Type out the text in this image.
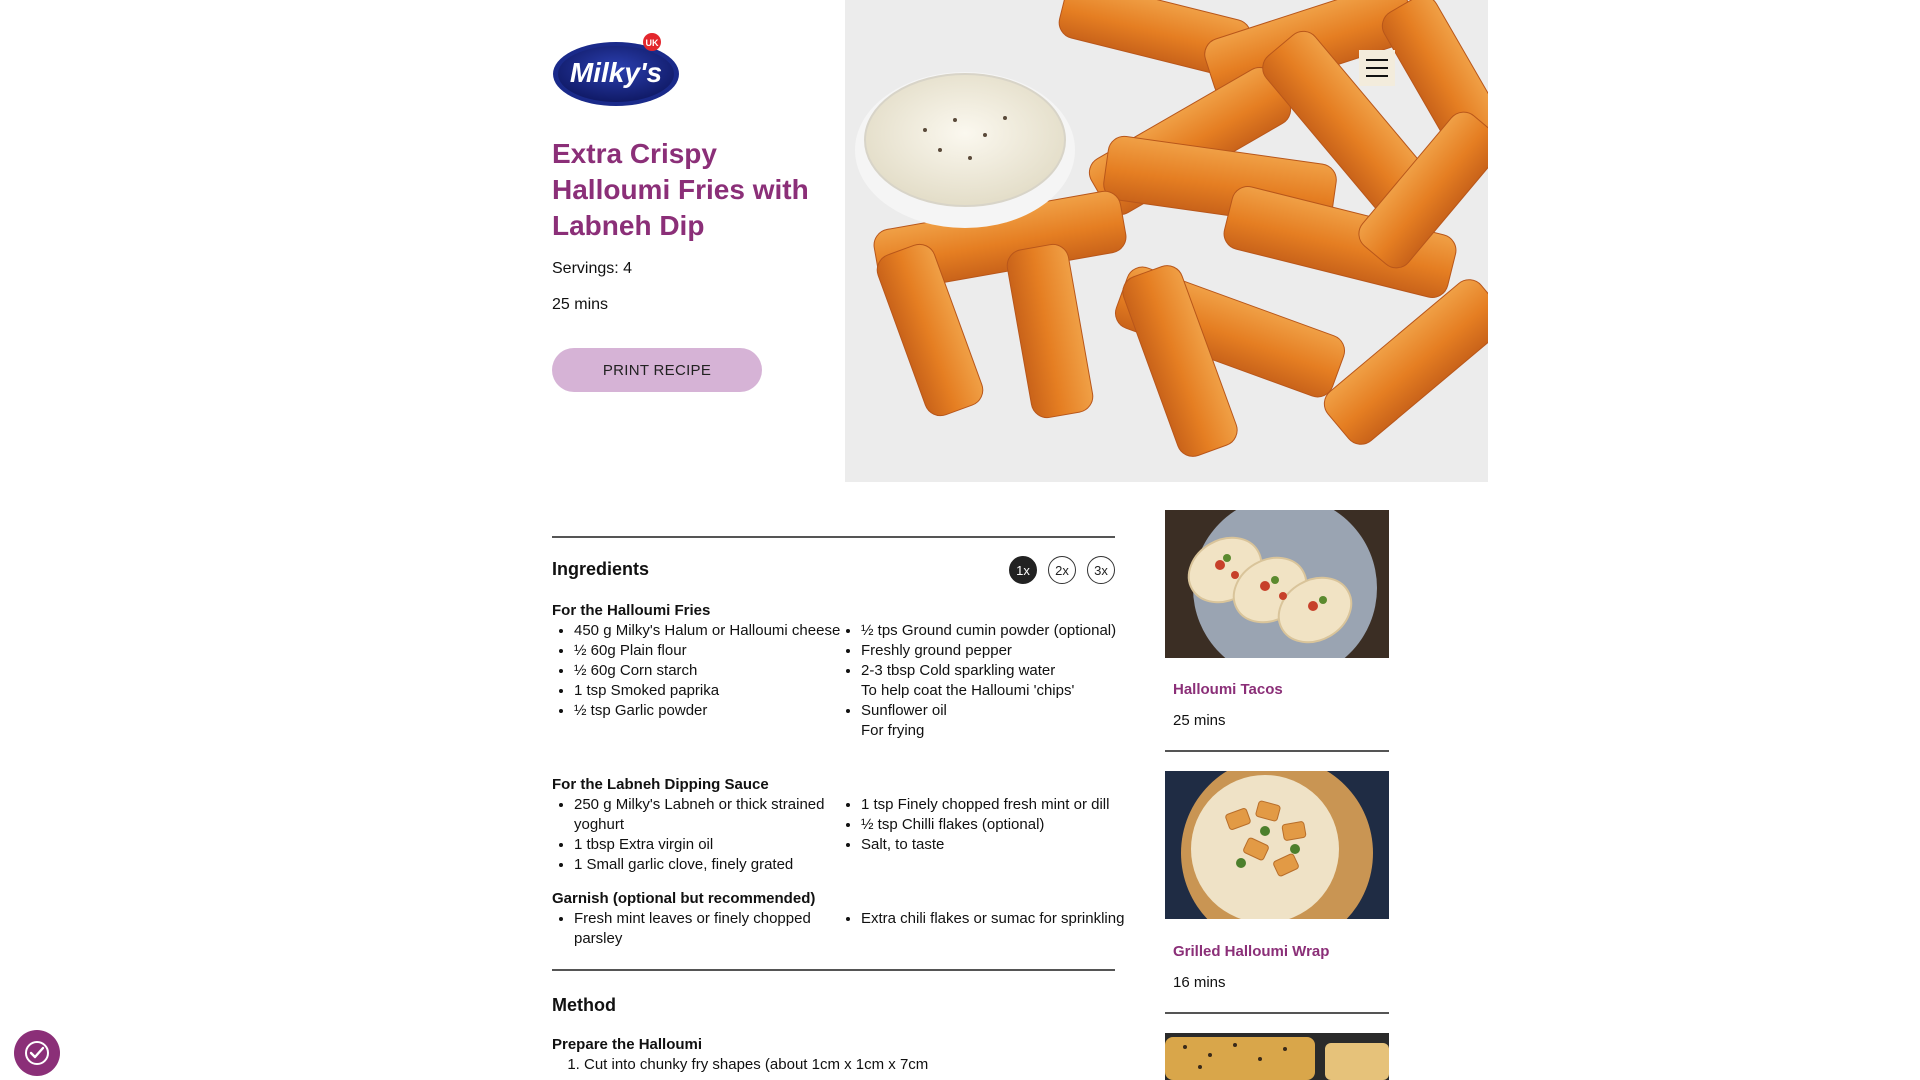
Milky's
UK
Extra Crispy Halloumi Fries with Labneh Dip
Servings: 4
25 mins
PRINT RECIPE
Ingredients	1x	2x	3x
For the Halloumi Fries
• 450 g Milky's Halum or Halloumi cheese
• ½ 60g Plain flour
• ½ 60g Corn starch
• 1 tsp Smoked paprika
• ½ tsp Garlic powder
• ½ tps Ground cumin powder (optional)
• Freshly ground pepper
• 2-3 tbsp Cold sparkling water
To help coat the Halloumi 'chips'
• Sunflower oil
For frying
For the Labneh Dipping Sauce
• 250 g Milky's Labneh or thick strained yoghurt
• 1 tbsp Extra virgin oil
• 1 Small garlic clove, finely grated
• 1 tsp Finely chopped fresh mint or dill
• ½ tsp Chilli flakes (optional)
• Salt, to taste
Garnish (optional but recommended)
• Fresh mint leaves or finely chopped parsley
• Extra chili flakes or sumac for sprinkling
Method
Prepare the Halloumi
1. Cut into chunky fry shapes (about 1cm x 1cm x 7cm
Halloumi Tacos
25 mins
Grilled Halloumi Wrap
16 mins
